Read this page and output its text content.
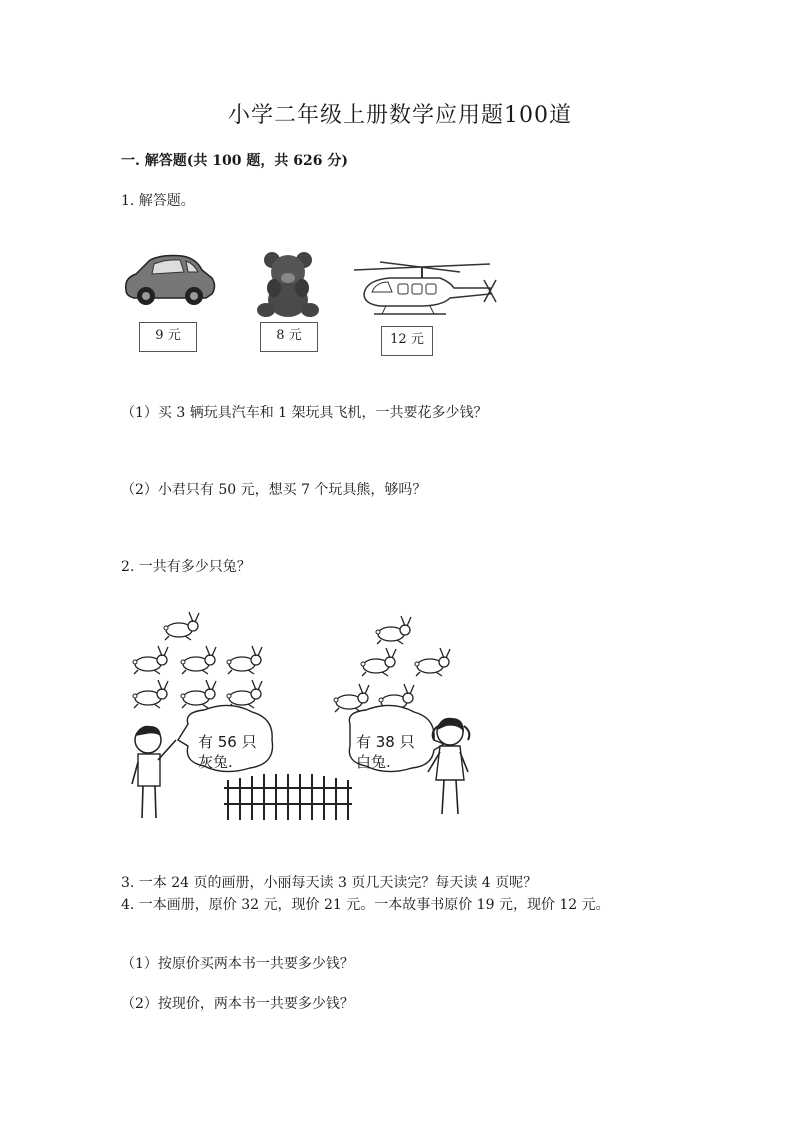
小学二年级上册数学应用题100道
一. 解答题(共 100 题，共 626 分)
1. 解答题。
9 元	8 元	12 元
（1）买 3 辆玩具汽车和 1 架玩具飞机，一共要花多少钱？
（2）小君只有 50 元，想买 7 个玩具熊，够吗？
2. 一共有多少只兔？
有 56 只
灰兔.
有 38 只
白兔.
3. 一本 24 页的画册，小丽每天读 3 页几天读完？每天读 4 页呢？
4. 一本画册，原价 32 元，现价 21 元。一本故事书原价 19 元，现价 12 元。
（1）按原价买两本书一共要多少钱？
（2）按现价，两本书一共要多少钱？
